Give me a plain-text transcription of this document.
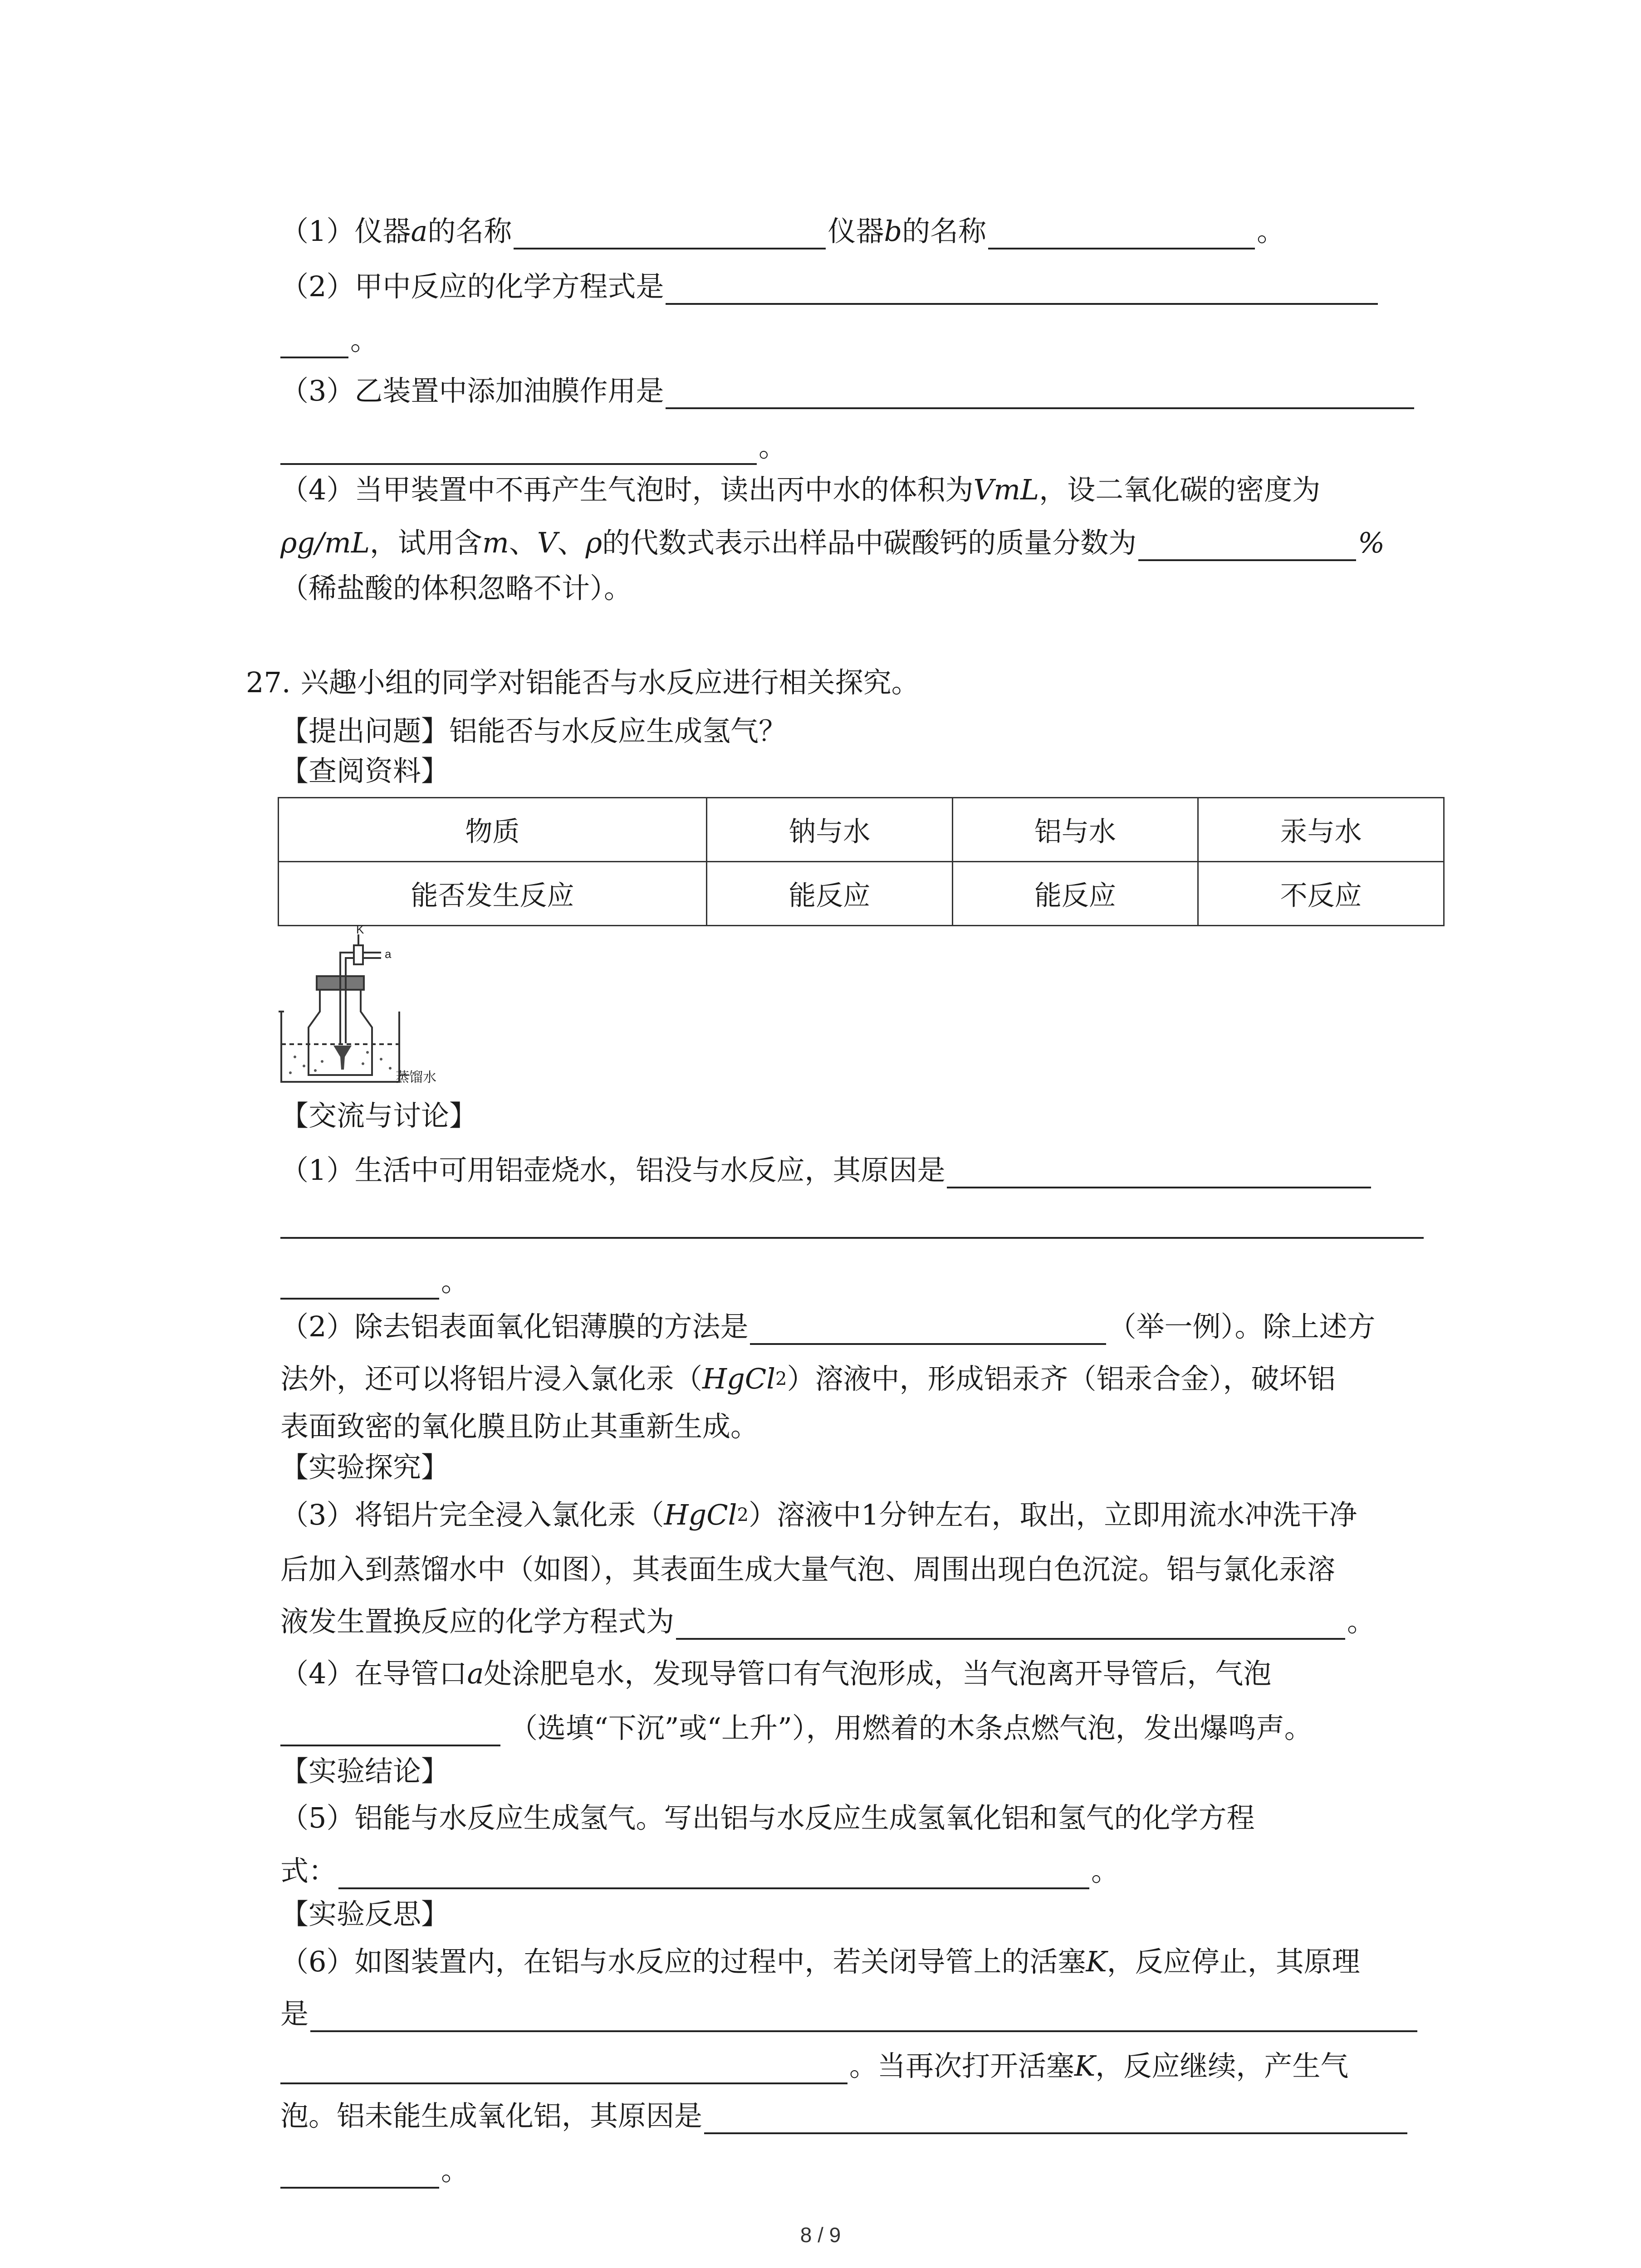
（1）仪器 a 的名称	仪器 b 的名称	。
（2）甲中反应的化学方程式是
。
（3）乙装置中添加油膜作用是
。
（4）当甲装置中不再产生气泡时，读出丙中水的体积为 VmL ，设二氧化碳的密度为
ρg/mL ，试用含 m 、 V 、 ρ 的代数式表示出样品中碳酸钙的质量分数为	%
（稀盐酸的体积忽略不计）。
27. 兴趣小组的同学对铝能否与水反应进行相关探究。
【提出问题】铝能否与水反应生成氢气？
【查阅资料】
物质	钠与水	铝与水	汞与水
能否发生反应	能反应	能反应	不反应
K
a
蒸馏水
【交流与讨论】
（1）生活中可用铝壶烧水，铝没与水反应，其原因是
。
（2）除去铝表面氧化铝薄膜的方法是	（举一例）。除上述方
法外，还可以将铝片浸入氯化汞（ HgCl 2 ）溶液中，形成铝汞齐（铝汞合金），破坏铝
表面致密的氧化膜且防止其重新生成。
【实验探究】
（3）将铝片完全浸入氯化汞（ HgCl 2 ）溶液中1分钟左右，取出，立即用流水冲洗干净
后加入到蒸馏水中（如图），其表面生成大量气泡、周围出现白色沉淀。铝与氯化汞溶
液发生置换反应的化学方程式为	。
（4）在导管口 a 处涂肥皂水，发现导管口有气泡形成，当气泡离开导管后，气泡
（选填“下沉”或“上升”），用燃着的木条点燃气泡，发出爆鸣声。
【实验结论】
（5）铝能与水反应生成氢气。写出铝与水反应生成氢氧化铝和氢气的化学方程
式：	。
【实验反思】
（6）如图装置内，在铝与水反应的过程中，若关闭导管上的活塞 K ，反应停止，其原理
是
。当再次打开活塞 K ，反应继续，产生气
泡。铝未能生成氧化铝，其原因是
。
8 / 9
